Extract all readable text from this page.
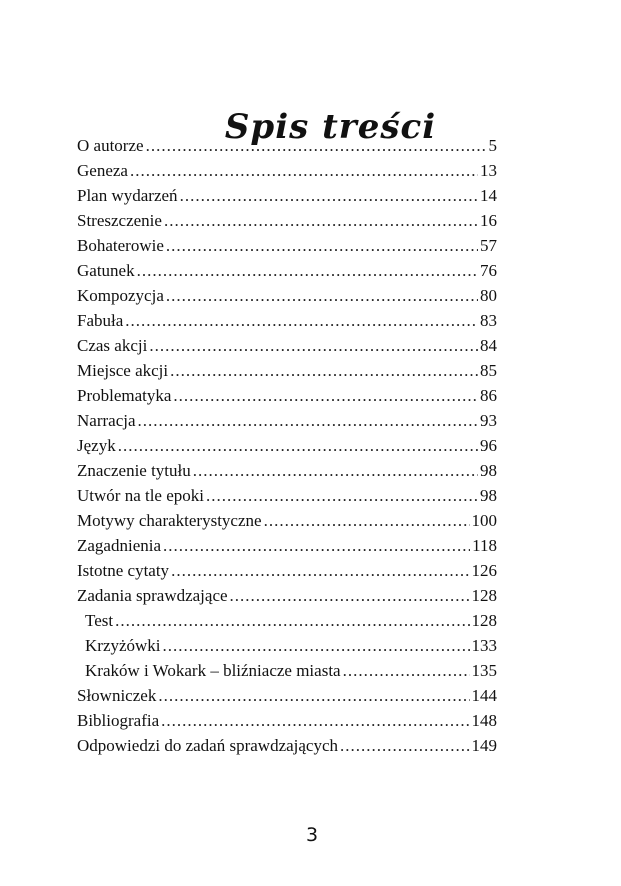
Spis treści
O autorze .....	5
Geneza .....	13
Plan wydarzeń .....	14
Streszczenie .....	16
Bohaterowie .....	57
Gatunek .....	76
Kompozycja .....	80
Fabuła .....	83
Czas akcji .....	84
Miejsce akcji .....	85
Problematyka .....	86
Narracja .....	93
Język .....	96
Znaczenie tytułu .....	98
Utwór na tle epoki .....	98
Motywy charakterystyczne .....	100
Zagadnienia .....	118
Istotne cytaty .....	126
Zadania sprawdzające .....	128
Test .....	128
Krzyżówki .....	133
Kraków i Wokark – bliźniacze miasta .....	135
Słowniczek .....	144
Bibliografia .....	148
Odpowiedzi do zadań sprawdzających .....	149
3
